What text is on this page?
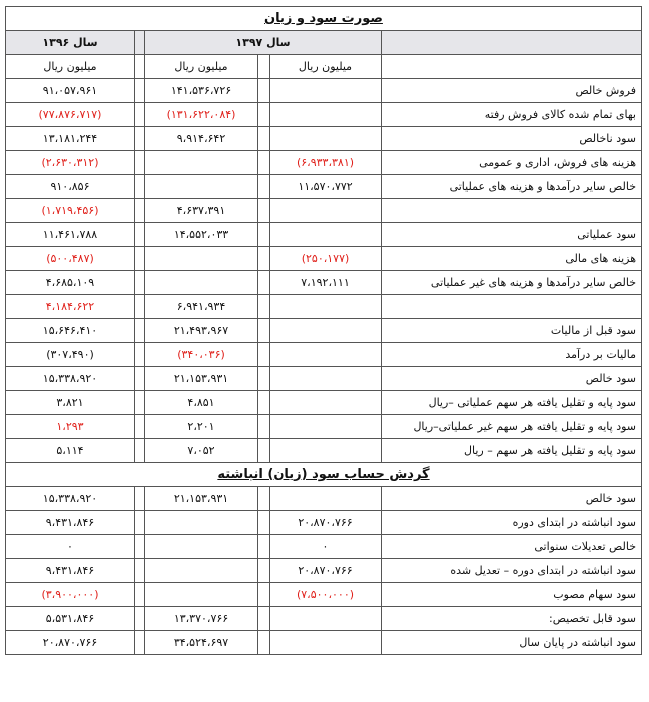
صورت سود و زیان					
	سال ۱۳۹۷				سال ۱۳۹۶
	میلیون ریال		میلیون ریال		میلیون ریال
فروش خالص			۱۴۱،۵۳۶،۷۲۶		۹۱،۰۵۷،۹۶۱
بهای تمام شده کالای فروش رفته			(۱۳۱،۶۲۲،۰۸۴)		(۷۷،۸۷۶،۷۱۷)
سود ناخالص			۹،۹۱۴،۶۴۲		۱۳،۱۸۱،۲۴۴
هزینه های فروش، اداری و عمومی	(۶،۹۳۳،۳۸۱)				(۲،۶۳۰،۳۱۲)
خالص سایر درآمدها و هزینه های عملیاتی	۱۱،۵۷۰،۷۷۲				۹۱۰،۸۵۶
			۴،۶۳۷،۳۹۱		(۱،۷۱۹،۴۵۶)
سود عملیاتی			۱۴،۵۵۲،۰۳۳		۱۱،۴۶۱،۷۸۸
هزینه های مالی	(۲۵۰،۱۷۷)				(۵۰۰،۴۸۷)
خالص سایر درآمدها و هزینه های غیر عملیاتی	۷،۱۹۲،۱۱۱				۴،۶۸۵،۱۰۹
			۶،۹۴۱،۹۳۴		۴،۱۸۴،۶۲۲
سود قبل از مالیات			۲۱،۴۹۳،۹۶۷		۱۵،۶۴۶،۴۱۰
مالیات بر درآمد			(۳۴۰،۰۳۶)		(۳۰۷،۴۹۰)
سود خالص			۲۱،۱۵۳،۹۳۱		۱۵،۳۳۸،۹۲۰
سود پایه و تقلیل یافته هر سهم عملیاتی –ریال			۴،۸۵۱		۳،۸۲۱
سود پایه و تقلیل یافته هر سهم غیر عملیاتی–ریال			۲،۲۰۱		۱،۲۹۳
سود پایه و تقلیل یافته هر سهم – ریال			۷،۰۵۲		۵،۱۱۴
گردش حساب سود (زیان) انباشته					
سود خالص			۲۱،۱۵۳،۹۳۱		۱۵،۳۳۸،۹۲۰
سود انباشته در ابتدای دوره	۲۰،۸۷۰،۷۶۶				۹،۴۳۱،۸۴۶
خالص تعدیلات سنواتی	۰				۰
سود انباشته در ابتدای دوره – تعدیل شده	۲۰،۸۷۰،۷۶۶				۹،۴۳۱،۸۴۶
سود سهام مصوب	(۷،۵۰۰،۰۰۰)				(۳،۹۰۰،۰۰۰)
سود قابل تخصیص:			۱۳،۳۷۰،۷۶۶		۵،۵۳۱،۸۴۶
سود انباشته در پایان سال			۳۴،۵۲۴،۶۹۷		۲۰،۸۷۰،۷۶۶
